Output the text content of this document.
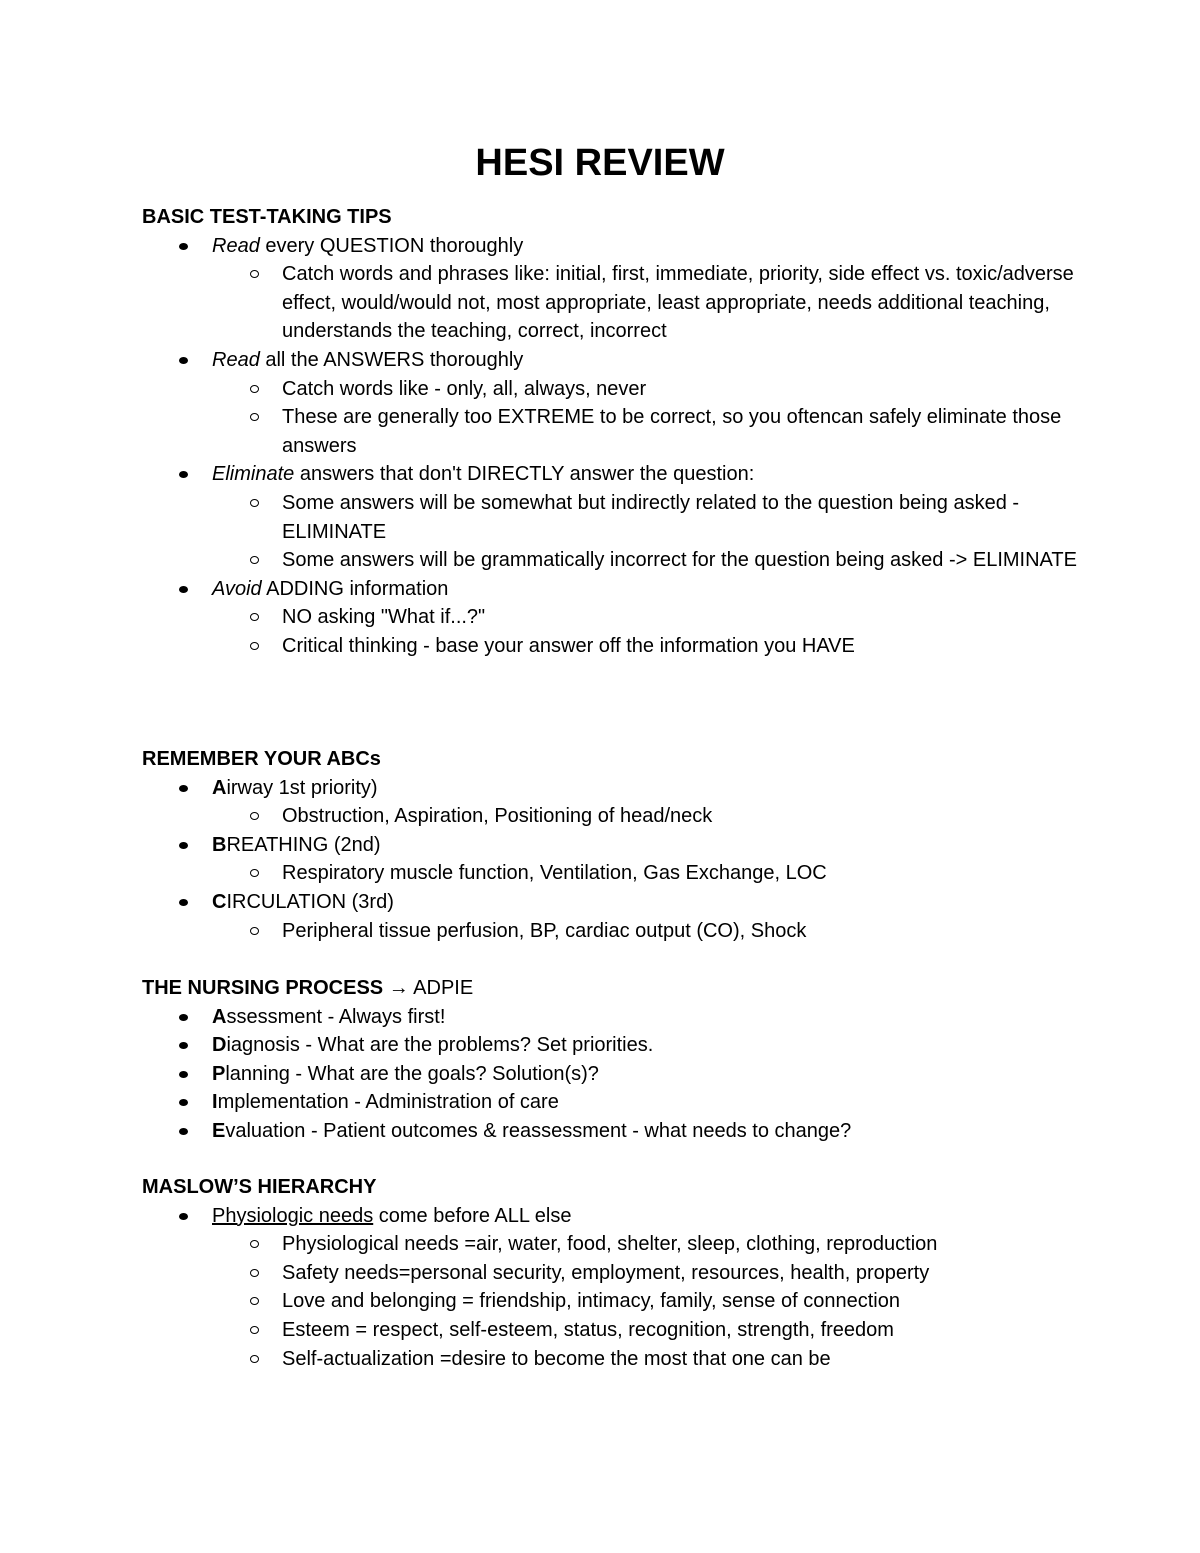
HESI REVIEW
BASIC TEST-TAKING TIPS
Read every QUESTION thoroughly
Catch words and phrases like: initial, first, immediate, priority, side effect vs. toxic/adverse effect, would/would not, most appropriate, least appropriate, needs additional teaching, understands the teaching, correct, incorrect
Read all the ANSWERS thoroughly
Catch words like - only, all, always, never
These are generally too EXTREME to be correct, so you oftencan safely eliminate those answers
Eliminate answers that don't DIRECTLY answer the question:
Some answers will be somewhat but indirectly related to the question being asked - ELIMINATE
Some answers will be grammatically incorrect for the question being asked -> ELIMINATE
Avoid ADDING information
NO asking "What if...?"
Critical thinking - base your answer off the information you HAVE
REMEMBER YOUR ABCs
Airway 1st priority)
Obstruction, Aspiration, Positioning of head/neck
BREATHING (2nd)
Respiratory muscle function, Ventilation, Gas Exchange, LOC
CIRCULATION (3rd)
Peripheral tissue perfusion, BP, cardiac output (CO), Shock
THE NURSING PROCESS → ADPIE
Assessment - Always first!
Diagnosis - What are the problems? Set priorities.
Planning - What are the goals? Solution(s)?
Implementation - Administration of care
Evaluation - Patient outcomes & reassessment - what needs to change?
MASLOW’S HIERARCHY
Physiologic needs come before ALL else
Physiological needs =air, water, food, shelter, sleep, clothing, reproduction
Safety needs=personal security, employment, resources, health, property
Love and belonging = friendship, intimacy, family, sense of connection
Esteem = respect, self-esteem, status, recognition, strength, freedom
Self-actualization =desire to become the most that one can be
